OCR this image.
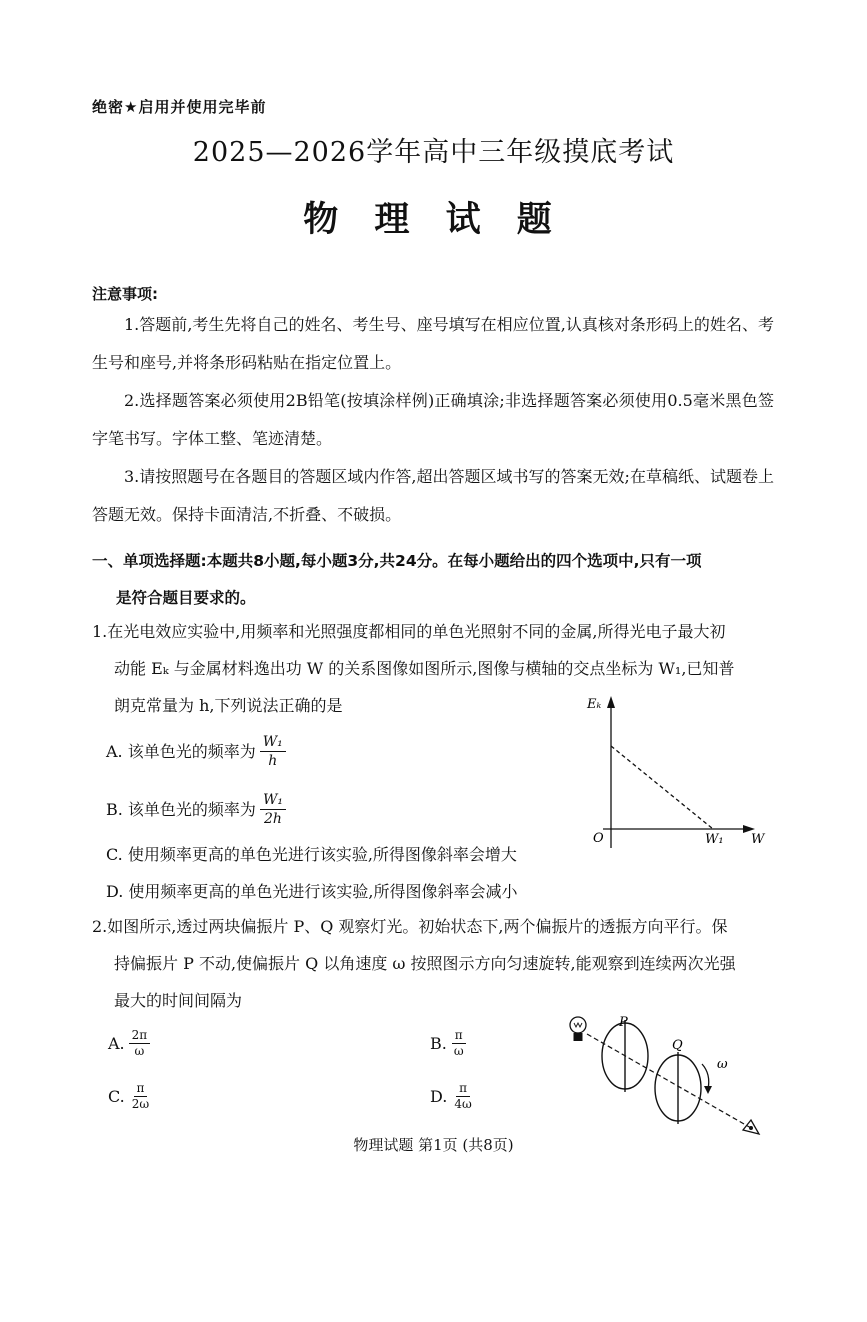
绝密★启用并使用完毕前
2025—2026学年高中三年级摸底考试
物 理 试 题
注意事项:
1.答题前,考生先将自己的姓名、考生号、座号填写在相应位置,认真核对条形码上的姓名、考生号和座号,并将条形码粘贴在指定位置上。
2.选择题答案必须使用2B铅笔(按填涂样例)正确填涂;非选择题答案必须使用0.5毫米黑色签字笔书写。字体工整、笔迹清楚。
3.请按照题号在各题目的答题区域内作答,超出答题区域书写的答案无效;在草稿纸、试题卷上答题无效。保持卡面清洁,不折叠、不破损。
一、单项选择题:本题共8小题,每小题3分,共24分。在每小题给出的四个选项中,只有一项
是符合题目要求的。
1.在光电效应实验中,用频率和光照强度都相同的单色光照射不同的金属,所得光电子最大初
动能 Eₖ 与金属材料逸出功 W 的关系图像如图所示,图像与横轴的交点坐标为 W₁,已知普
朗克常量为 h,下列说法正确的是
A. 该单色光的频率为 $\frac{\text{W₁}}{h}$
B. 该单色光的频率为 $\frac{\text{W₁}}{2h}$
C. 使用频率更高的单色光进行该实验,所得图像斜率会增大
D. 使用频率更高的单色光进行该实验,所得图像斜率会减小
Eₖ
O	W₁ W
2.如图所示,透过两块偏振片 P、Q 观察灯光。初始状态下,两个偏振片的透振方向平行。保
持偏振片 P 不动,使偏振片 Q 以角速度 ω 按照图示方向匀速旋转,能观察到连续两次光强
最大的时间间隔为
A. $\frac{2\pi}{\omega}$	B. $\frac{\pi}{\omega}$
C. $\frac{\pi}{2\omega}$	D. $\frac{\pi}{4\omega}$
P
Q
ω
物理试题 第1页 (共8页)
